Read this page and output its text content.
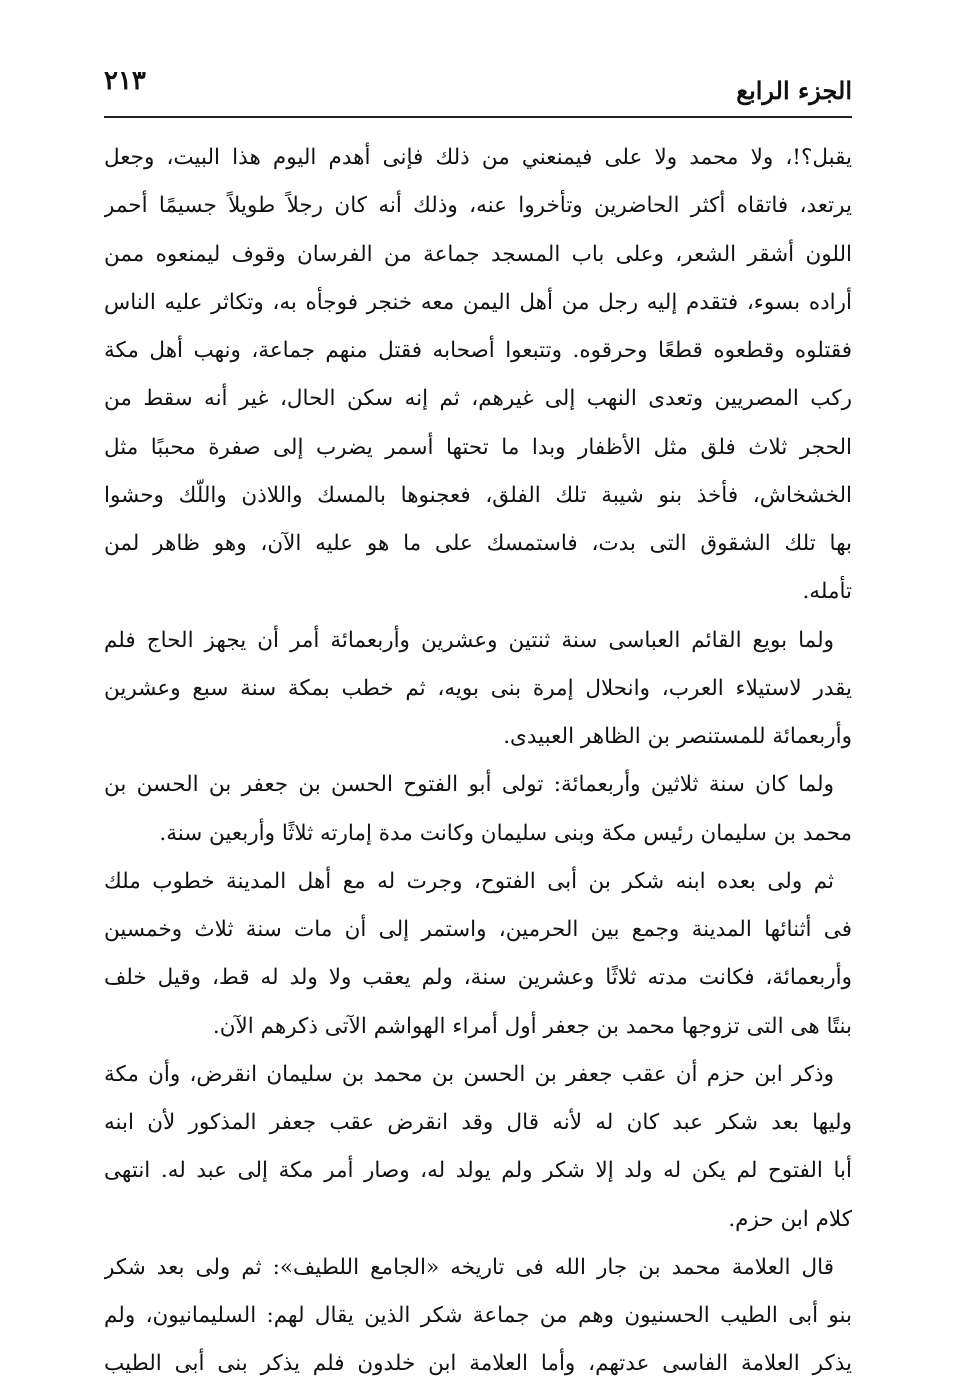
الجزء الرابع
٢١٣
يقبل؟!، ولا محمد ولا على فيمنعني من ذلك فإنى أهدم اليوم هذا البيت، وجعل
يرتعد، فاتقاه أكثر الحاضرين وتأخروا عنه، وذلك أنه كان رجلاً طويلاً جسيمًا أحمر
اللون أشقر الشعر، وعلى باب المسجد جماعة من الفرسان وقوف ليمنعوه ممن
أراده بسوء، فتقدم إليه رجل من أهل اليمن معه خنجر فوجأه به، وتكاثر عليه الناس
فقتلوه وقطعوه قطعًا وحرقوه. وتتبعوا أصحابه فقتل منهم جماعة، ونهب أهل مكة
ركب المصريين وتعدى النهب إلى غيرهم، ثم إنه سكن الحال، غير أنه سقط من
الحجر ثلاث فلق مثل الأظفار وبدا ما تحتها أسمر يضرب إلى صفرة محببًا مثل
الخشخاش، فأخذ بنو شيبة تلك الفلق، فعجنوها بالمسك واللاذن واللّك وحشوا
بها تلك الشقوق التى بدت، فاستمسك على ما هو عليه الآن، وهو ظاهر لمن
تأمله.
ولما بويع القائم العباسى سنة ثنتين وعشرين وأربعمائة أمر أن يجهز الحاج فلم
يقدر لاستيلاء العرب، وانحلال إمرة بنى بويه، ثم خطب بمكة سنة سبع وعشرين
وأربعمائة للمستنصر بن الظاهر العبيدى.
ولما كان سنة ثلاثين وأربعمائة: تولى أبو الفتوح الحسن بن جعفر بن الحسن بن
محمد بن سليمان رئيس مكة وبنى سليمان وكانت مدة إمارته ثلاثًا وأربعين سنة.
ثم ولى بعده ابنه شكر بن أبى الفتوح، وجرت له مع أهل المدينة خطوب ملك
فى أثنائها المدينة وجمع بين الحرمين، واستمر إلى أن مات سنة ثلاث وخمسين
وأربعمائة، فكانت مدته ثلاثًا وعشرين سنة، ولم يعقب ولا ولد له قط، وقيل خلف
بنتًا هى التى تزوجها محمد بن جعفر أول أمراء الهواشم الآتى ذكرهم الآن.
وذكر ابن حزم أن عقب جعفر بن الحسن بن محمد بن سليمان انقرض، وأن مكة
وليها بعد شكر عبد كان له لأنه قال وقد انقرض عقب جعفر المذكور لأن ابنه
أبا الفتوح لم يكن له ولد إلا شكر ولم يولد له، وصار أمر مكة إلى عبد له. انتهى
كلام ابن حزم.
قال العلامة محمد بن جار الله فى تاريخه «الجامع اللطيف»: ثم ولى بعد شكر
بنو أبى الطيب الحسنيون وهم من جماعة شكر الذين يقال لهم: السليمانيون، ولم
يذكر العلامة الفاسى عدتهم، وأما العلامة ابن خلدون فلم يذكر بنى أبى الطيب
